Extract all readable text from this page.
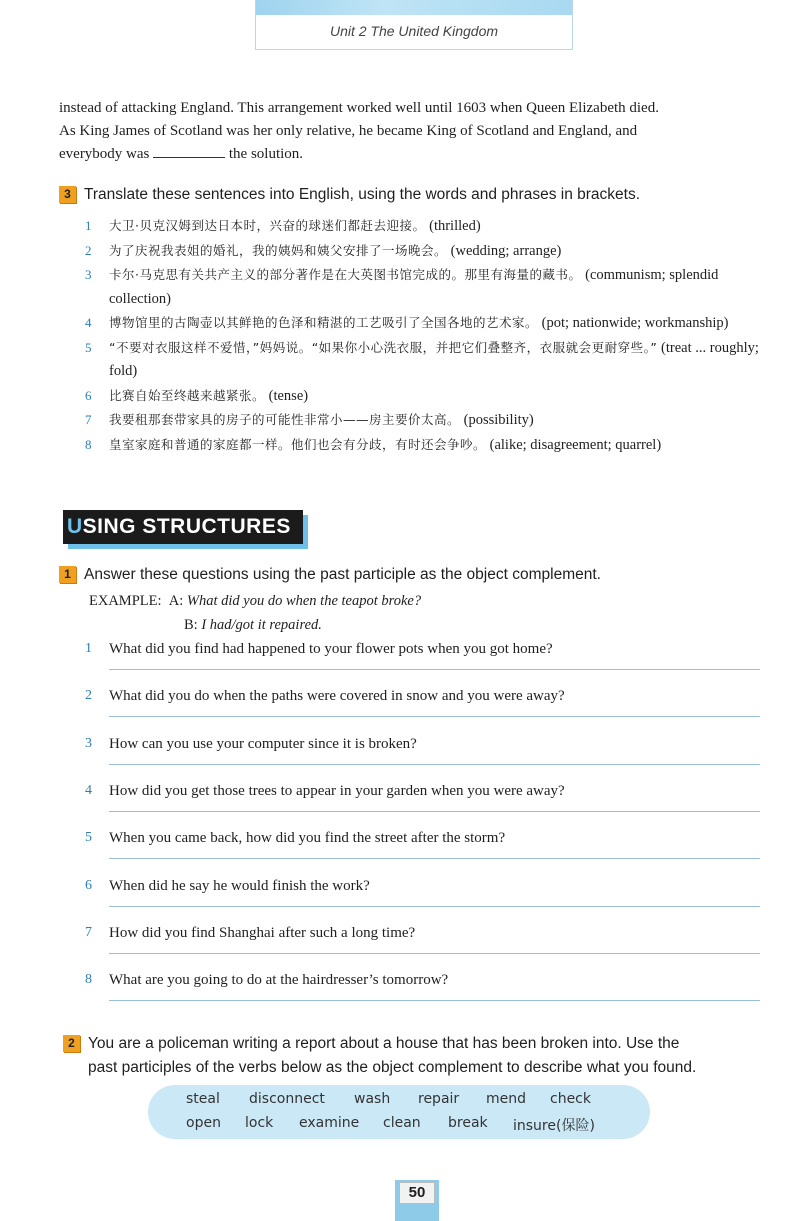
Unit 2 The United Kingdom
instead of attacking England. This arrangement worked well until 1603 when Queen Elizabeth died.
As King James of Scotland was her only relative, he became King of Scotland and England, and
everybody was	the solution.
3 Translate these sentences into English, using the words and phrases in brackets.
1	大卫·贝克汉姆到达日本时，兴奋的球迷们都赶去迎接。 (thrilled)
2	为了庆祝我表姐的婚礼，我的姨妈和姨父安排了一场晚会。 (wedding; arrange)
3	卡尔·马克思有关共产主义的部分著作是在大英图书馆完成的。那里有海量的藏书。 (communism; splendid collection)
4	博物馆里的古陶壶以其鲜艳的色泽和精湛的工艺吸引了全国各地的艺术家。 (pot; nationwide; workmanship)
5	“不要对衣服这样不爱惜，”妈妈说。“如果你小心洗衣服，并把它们叠整齐，衣服就会更耐穿些。” (treat ... roughly; fold)
6	比赛自始至终越来越紧张。 (tense)
7	我要租那套带家具的房子的可能性非常小——房主要价太高。 (possibility)
8	皇室家庭和普通的家庭都一样。他们也会有分歧，有时还会争吵。 (alike; disagreement; quarrel)
USING STRUCTURES
1 Answer these questions using the past participle as the object complement.
EXAMPLE: A: What did you do when the teapot broke?
B: I had/got it repaired.
1	What did you find had happened to your flower pots when you got home?
2	What did you do when the paths were covered in snow and you were away?
3	How can you use your computer since it is broken?
4	How did you get those trees to appear in your garden when you were away?
5	When you came back, how did you find the street after the storm?
6	When did he say he would finish the work?
7	How did you find Shanghai after such a long time?
8	What are you going to do at the hairdresser’s tomorrow?
2 You are a policeman writing a report about a house that has been broken into. Use the
past participles of the verbs below as the object complement to describe what you found.
steal disconnect wash repair mend check
open lock examine clean break insure(保险)
50
